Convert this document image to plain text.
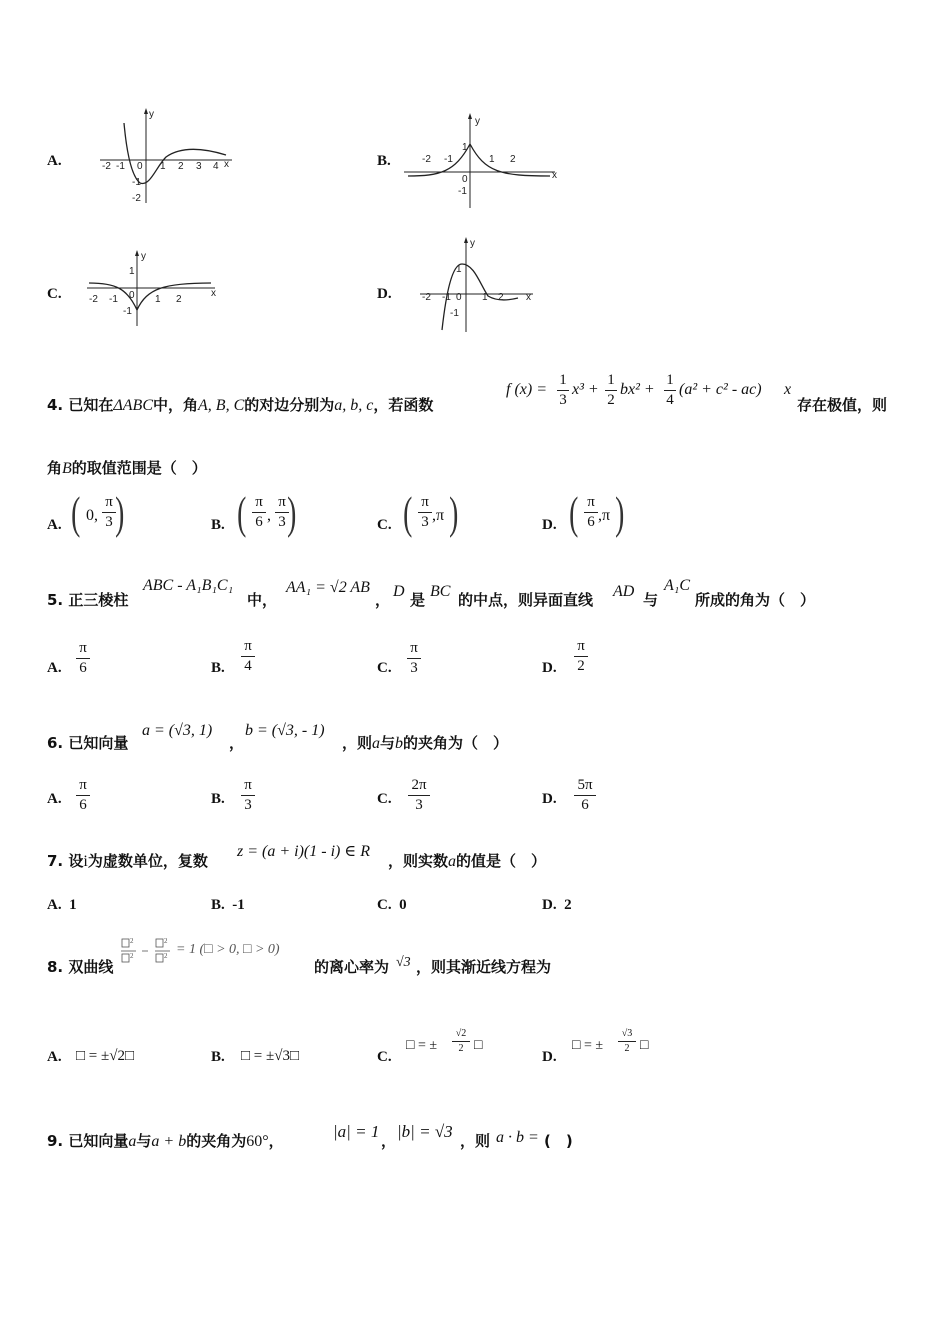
A.
y
x
-2 -1 0 1 2 3 4
-1
-2
B.
y
x
-2 -1
0
1 2
1
-1
C.
y
x
-2 -1 0 1 2
1
-1
D.
y
x
-2 -1 0 1 2
1
-1
4. 已知在ΔABC中，角A, B, C的对边分别为a, b, c，若函数
f (x) =
1
3
x³ +
1
2
bx² +
1
4
(a² + c² - ac) x
存在极值，则
角B的取值范围是（　）
A. ( 0,
π
3 )	B. ( π
6 ,
π
3 )	C. ( π
3 ,π )	D. ( π
6 ,π )
5. 正三棱柱
ABC - A₁B₁C₁
中，
AA₁ = √2 AB
， D 是 BC 的中点，则异面直线 AD 与
A₁C
所成的角为（　）
A.
π
6	B.
π
4	C.
π
3	D.
π
2
6. 已知向量
a = (√3, 1)
，
b = (√3, - 1)
，则a与b的夹角为（　）
A.
π
6	B.
π
3	C.
2π
3	D.
5π
6
7. 设i为虚数单位，复数
z = (a + i)(1 - i) ∈ R
，则实数a的值是（　）
A. 1	B. -1	C. 0	D. 2
8. 双曲线
2
2
2
2 = 1 (□ > 0, □ > 0)
的离心率为 √3 ，则其渐近线方程为
A. □ = ±√2□	B. □ = ±√3□	C.
□ = ±
√2
2 □
D.
□ = ±
√3
2 □
9. 已知向量a与a + b的夹角为60°，	|a| = 1 ， |b| = √3 ，则 a · b = (　)
